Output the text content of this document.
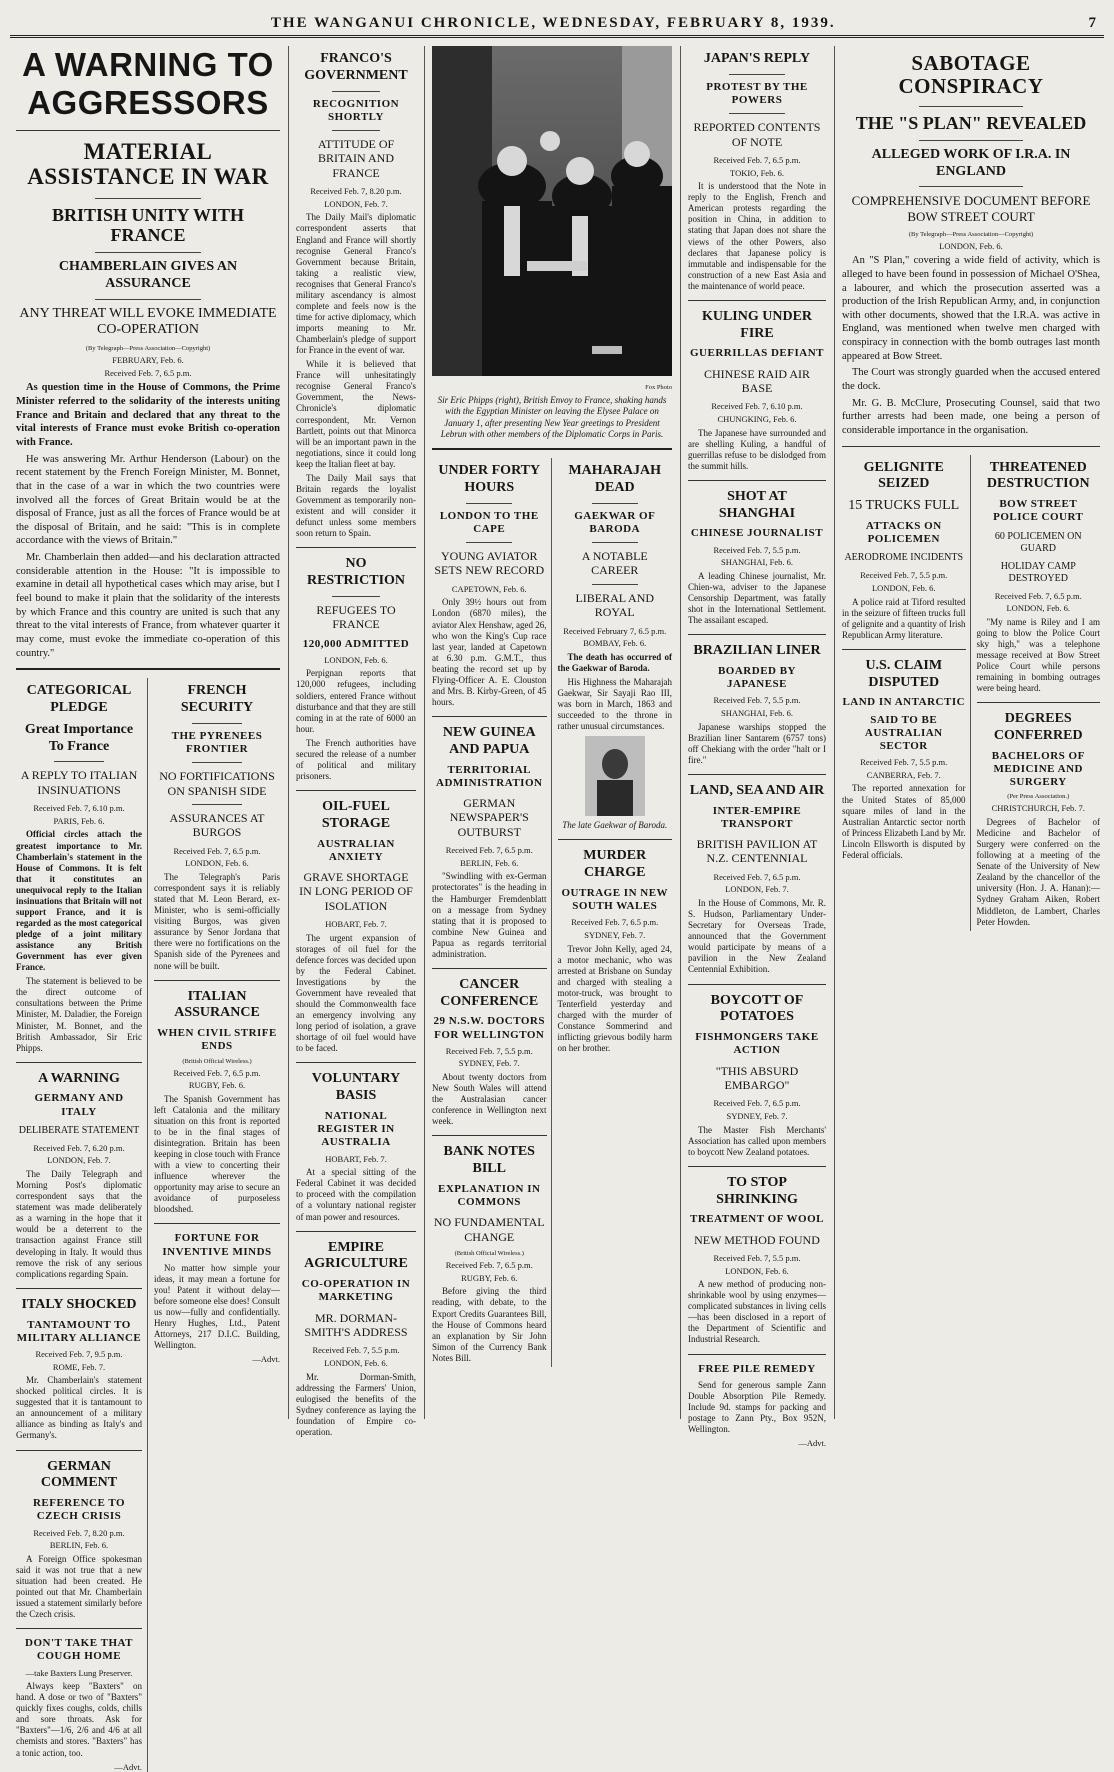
THE WANGANUI CHRONICLE, WEDNESDAY, FEBRUARY 8, 1939.	7
A WARNING TO AGGRESSORS
MATERIAL ASSISTANCE IN WAR
BRITISH UNITY WITH FRANCE
CHAMBERLAIN GIVES AN ASSURANCE
ANY THREAT WILL EVOKE IMMEDIATE CO-OPERATION
(By Telegraph—Press Association—Copyright)
FEBRUARY, Feb. 6.
Received Feb. 7, 6.5 p.m.

As question time in the House of Commons, the Prime Minister referred to the solidarity of the interests uniting France and Britain and declared that any threat to the vital interests of France must evoke British co-operation with France.

He was answering Mr. Arthur Henderson (Labour) on the recent statement by the French Foreign Minister, M. Bonnet, that in the case of a war in which the two countries were involved all the forces of Great Britain would be at the disposal of France, just as all the forces of France would be at the disposal of Britain, and he said: "This is in complete accordance with the views of Britain."

Mr. Chamberlain then added—and his declaration attracted considerable attention in the House: "It is impossible to examine in detail all hypothetical cases which may arise, but I feel bound to make it plain that the solidarity of the interests by which France and this country are united is such that any threat to the vital interests of France, from whatever quarter it may come, must evoke the immediate co-operation of this country."

CATEGORICAL PLEDGE
Great Importance To France
A REPLY TO ITALIAN INSINUATIONS
Received Feb. 7, 6.10 p.m.
PARIS, Feb. 6.

Official circles attach the greatest importance to Mr. Chamberlain's statement in the House of Commons. It is felt that it constitutes an unequivocal reply to the Italian insinuations that Britain will not support France, and it is regarded as the most categorical pledge of a joint military assistance any British Government has ever given France.

The statement is believed to be the direct outcome of consultations between the Prime Minister, M. Daladier, the Foreign Minister, M. Bonnet, and the British Ambassador, Sir Eric Phipps.

A WARNING
GERMANY AND ITALY
DELIBERATE STATEMENT
Received Feb. 7, 6.20 p.m.
LONDON, Feb. 7.

The Daily Telegraph and Morning Post's diplomatic correspondent says that the statement was made deliberately as a warning in the hope that it would be a deterrent to the transaction against France still developing in Italy. It would thus remove the risk of any serious complications regarding Spain.

ITALY SHOCKED
TANTAMOUNT TO MILITARY ALLIANCE
Received Feb. 7, 9.5 p.m.
ROME, Feb. 7.

Mr. Chamberlain's statement shocked political circles. It is suggested that it is tantamount to an announcement of a military alliance as binding as Italy's and Germany's.

GERMAN COMMENT
REFERENCE TO CZECH CRISIS
Received Feb. 7, 8.20 p.m.
BERLIN, Feb. 6.

A Foreign Office spokesman said it was not true that a new situation had been created. He pointed out that Mr. Chamberlain issued a statement similarly before the Czech crisis.

DON'T TAKE THAT COUGH HOME
—take Baxters Lung Preserver.

Always keep "Baxters" on hand. A dose or two of "Baxters" quickly fixes coughs, colds, chills and sore throats. Ask for "Baxters"—1/6, 2/6 and 4/6 at all chemists and stores. "Baxters" has a tonic action, too.

—Advt.
FRENCH SECURITY
THE PYRENEES FRONTIER
NO FORTIFICATIONS ON SPANISH SIDE
ASSURANCES AT BURGOS
Received Feb. 7, 6.5 p.m.
LONDON, Feb. 6.

The Telegraph's Paris correspondent says it is reliably stated that M. Leon Berard, ex-Minister, who is semi-officially visiting Burgos, was given assurance by Senor Jordana that there were no fortifications on the Spanish side of the Pyrenees and none will be built.

ITALIAN ASSURANCE
WHEN CIVIL STRIFE ENDS
(British Official Wireless.)
Received Feb. 7, 6.5 p.m.
RUGBY, Feb. 6.

The Spanish Government has left Catalonia and the military situation on this front is reported to be in the final stages of disintegration. Britain has been keeping in close touch with France with a view to concerting their influence wherever the opportunity may arise to secure an avoidance of purposeless bloodshed.

FORTUNE FOR INVENTIVE MINDS

No matter how simple your ideas, it may mean a fortune for you! Patent it without delay—before someone else does! Consult us now—fully and confidentially. Henry Hughes, Ltd., Patent Attorneys, 217 D.I.C. Building, Wellington.

—Advt.
FRANCO'S GOVERNMENT
RECOGNITION SHORTLY
ATTITUDE OF BRITAIN AND FRANCE
Received Feb. 7, 8.20 p.m.
LONDON, Feb. 7.

The Daily Mail's diplomatic correspondent asserts that England and France will shortly recognise General Franco's Government because Britain, taking a realistic view, recognises that General Franco's military ascendancy is almost complete and feels now is the time for active diplomacy, which imports meaning to Mr. Chamberlain's pledge of support for France in the event of war.

While it is believed that France will unhesitatingly recognise General Franco's Government, the News-Chronicle's diplomatic correspondent, Mr. Vernon Bartlett, points out that Minorca will be an important pawn in the negotiations, since it could long keep the Italian fleet at bay.

The Daily Mail says that Britain regards the loyalist Government as temporarily non-existent and will consider it defunct unless some members soon return to Spain.

NO RESTRICTION
REFUGEES TO FRANCE
120,000 ADMITTED
LONDON, Feb. 6.

Perpignan reports that 120,000 refugees, including soldiers, entered France without disturbance and that they are still coming in at the rate of 6000 an hour.

The French authorities have secured the release of a number of political and military prisoners.

OIL-FUEL STORAGE
AUSTRALIAN ANXIETY
GRAVE SHORTAGE IN LONG PERIOD OF ISOLATION
HOBART, Feb. 7.

The urgent expansion of storages of oil fuel for the defence forces was decided upon by the Federal Cabinet. Investigations by the Government have revealed that should the Commonwealth face an emergency involving any long period of isolation, a grave shortage of oil fuel would have to be faced.

VOLUNTARY BASIS
NATIONAL REGISTER IN AUSTRALIA
HOBART, Feb. 7.

At a special sitting of the Federal Cabinet it was decided to proceed with the compilation of a voluntary national register of man power and resources.

EMPIRE AGRICULTURE
CO-OPERATION IN MARKETING
MR. DORMAN-SMITH'S ADDRESS
Received Feb. 7, 5.5 p.m.
LONDON, Feb. 6.

Mr. Dorman-Smith, addressing the Farmers' Union, eulogised the benefits of the Sydney conference as laying the foundation of Empire co-operation.

Fox Photo
Sir Eric Phipps (right), British Envoy to France, shaking hands with the Egyptian Minister on leaving the Elysee Palace on January 1, after presenting New Year greetings to President Lebrun with other members of the Diplomatic Corps in Paris.
UNDER FORTY HOURS
LONDON TO THE CAPE
YOUNG AVIATOR SETS NEW RECORD
CAPETOWN, Feb. 6.

Only 39½ hours out from London (6870 miles), the aviator Alex Henshaw, aged 26, who won the King's Cup race last year, landed at Capetown at 6.30 p.m. G.M.T., thus beating the record set up by Flying-Officer A. E. Clouston and Mrs. B. Kirby-Green, of 45 hours.

NEW GUINEA AND PAPUA
TERRITORIAL ADMINISTRATION
GERMAN NEWSPAPER'S OUTBURST
Received Feb. 7, 6.5 p.m.
BERLIN, Feb. 6.

"Swindling with ex-German protectorates" is the heading in the Hamburger Fremdenblatt on a message from Sydney stating that it is proposed to combine New Guinea and Papua as regards territorial administration.

CANCER CONFERENCE
29 N.S.W. DOCTORS FOR WELLINGTON
Received Feb. 7, 5.5 p.m.
SYDNEY, Feb. 7.

About twenty doctors from New South Wales will attend the Australasian cancer conference in Wellington next week.

BANK NOTES BILL
EXPLANATION IN COMMONS
NO FUNDAMENTAL CHANGE
(British Official Wireless.)
Received Feb. 7, 6.5 p.m.
RUGBY, Feb. 6.

Before giving the third reading, with debate, to the Export Credits Guarantees Bill, the House of Commons heard an explanation by Sir John Simon of the Currency Bank Notes Bill.

MAHARAJAH DEAD
GAEKWAR OF BARODA
A NOTABLE CAREER
LIBERAL AND ROYAL
Received February 7, 6.5 p.m.
BOMBAY, Feb. 6.

The death has occurred of the Gaekwar of Baroda.

His Highness the Maharajah Gaekwar, Sir Sayaji Rao III, was born in March, 1863 and succeeded to the throne in rather unusual circumstances.

The late Gaekwar of Baroda.
MURDER CHARGE
OUTRAGE IN NEW SOUTH WALES
Received Feb. 7, 6.5 p.m.
SYDNEY, Feb. 7.

Trevor John Kelly, aged 24, a motor mechanic, who was arrested at Brisbane on Sunday and charged with stealing a motor-truck, was brought to Tenterfield yesterday and charged with the murder of Constance Sommerind and inflicting grievous bodily harm on her brother.

JAPAN'S REPLY
PROTEST BY THE POWERS
REPORTED CONTENTS OF NOTE
Received Feb. 7, 6.5 p.m.
TOKIO, Feb. 6.

It is understood that the Note in reply to the English, French and American protests regarding the position in China, in addition to stating that Japan does not share the views of the other Powers, also declares that Japanese policy is immutable and indispensable for the construction of a new East Asia and the maintenance of world peace.

KULING UNDER FIRE
GUERRILLAS DEFIANT
CHINESE RAID AIR BASE
Received Feb. 7, 6.10 p.m.
CHUNGKING, Feb. 6.

The Japanese have surrounded and are shelling Kuling, a handful of guerrillas refuse to be dislodged from the summit hills.

SHOT AT SHANGHAI
CHINESE JOURNALIST
Received Feb. 7, 5.5 p.m.
SHANGHAI, Feb. 6.

A leading Chinese journalist, Mr. Chien-wa, adviser to the Japanese Censorship Department, was fatally shot in the International Settlement. The assailant escaped.

BRAZILIAN LINER
BOARDED BY JAPANESE
Received Feb. 7, 5.5 p.m.
SHANGHAI, Feb. 6.

Japanese warships stopped the Brazilian liner Santarem (6757 tons) off Chekiang with the order "halt or I fire."

LAND, SEA AND AIR
INTER-EMPIRE TRANSPORT
BRITISH PAVILION AT N.Z. CENTENNIAL
Received Feb. 7, 6.5 p.m.
LONDON, Feb. 7.

In the House of Commons, Mr. R. S. Hudson, Parliamentary Under-Secretary for Overseas Trade, announced that the Government would participate by means of a pavilion in the New Zealand Centennial Exhibition.

BOYCOTT OF POTATOES
FISHMONGERS TAKE ACTION
"THIS ABSURD EMBARGO"
Received Feb. 7, 6.5 p.m.
SYDNEY, Feb. 7.

The Master Fish Merchants' Association has called upon members to boycott New Zealand potatoes.

TO STOP SHRINKING
TREATMENT OF WOOL
NEW METHOD FOUND
Received Feb. 7, 5.5 p.m.
LONDON, Feb. 6.

A new method of producing non-shrinkable wool by using enzymes—complicated substances in living cells—has been disclosed in a report of the Department of Scientific and Industrial Research.

FREE PILE REMEDY

Send for generous sample Zann Double Absorption Pile Remedy. Include 9d. stamps for packing and postage to Zann Pty., Box 952N, Wellington.

—Advt.
SABOTAGE CONSPIRACY
THE "S PLAN" REVEALED
ALLEGED WORK OF I.R.A. IN ENGLAND
COMPREHENSIVE DOCUMENT BEFORE BOW STREET COURT
(By Telegraph—Press Association—Copyright)
LONDON, Feb. 6.

An "S Plan," covering a wide field of activity, which is alleged to have been found in possession of Michael O'Shea, a labourer, and which the prosecution asserted was a production of the Irish Republican Army, and, in conjunction with other documents, showed that the I.R.A. was active in England, was mentioned when twelve men charged with conspiracy in connection with the bomb outrages last month appeared at Bow Street.

The Court was strongly guarded when the accused entered the dock.

Mr. G. B. McClure, Prosecuting Counsel, said that two further arrests had been made, one being a person of considerable importance in the organisation.

GELIGNITE SEIZED
15 TRUCKS FULL
ATTACKS ON POLICEMEN
AERODROME INCIDENTS
Received Feb. 7, 5.5 p.m.
LONDON, Feb. 6.

A police raid at Tiford resulted in the seizure of fifteen trucks full of gelignite and a quantity of Irish Republican Army literature.

U.S. CLAIM DISPUTED
LAND IN ANTARCTIC
SAID TO BE AUSTRALIAN SECTOR
Received Feb. 7, 5.5 p.m.
CANBERRA, Feb. 7.

The reported annexation for the United States of 85,000 square miles of land in the Australian Antarctic sector north of Princess Elizabeth Land by Mr. Lincoln Ellsworth is disputed by Federal officials.

THREATENED DESTRUCTION
BOW STREET POLICE COURT
60 POLICEMEN ON GUARD
HOLIDAY CAMP DESTROYED
Received Feb. 7, 6.5 p.m.
LONDON, Feb. 6.

"My name is Riley and I am going to blow the Police Court sky high," was a telephone message received at Bow Street Police Court while persons remaining in bombing outrages were being heard.

DEGREES CONFERRED
BACHELORS OF MEDICINE AND SURGERY
(Per Press Association.)
CHRISTCHURCH, Feb. 7.

Degrees of Bachelor of Medicine and Bachelor of Surgery were conferred on the following at a meeting of the Senate of the University of New Zealand by the chancellor of the university (Hon. J. A. Hanan):—Sydney Graham Aiken, Robert Middleton, de Lambert, Charles Peter Howden.
